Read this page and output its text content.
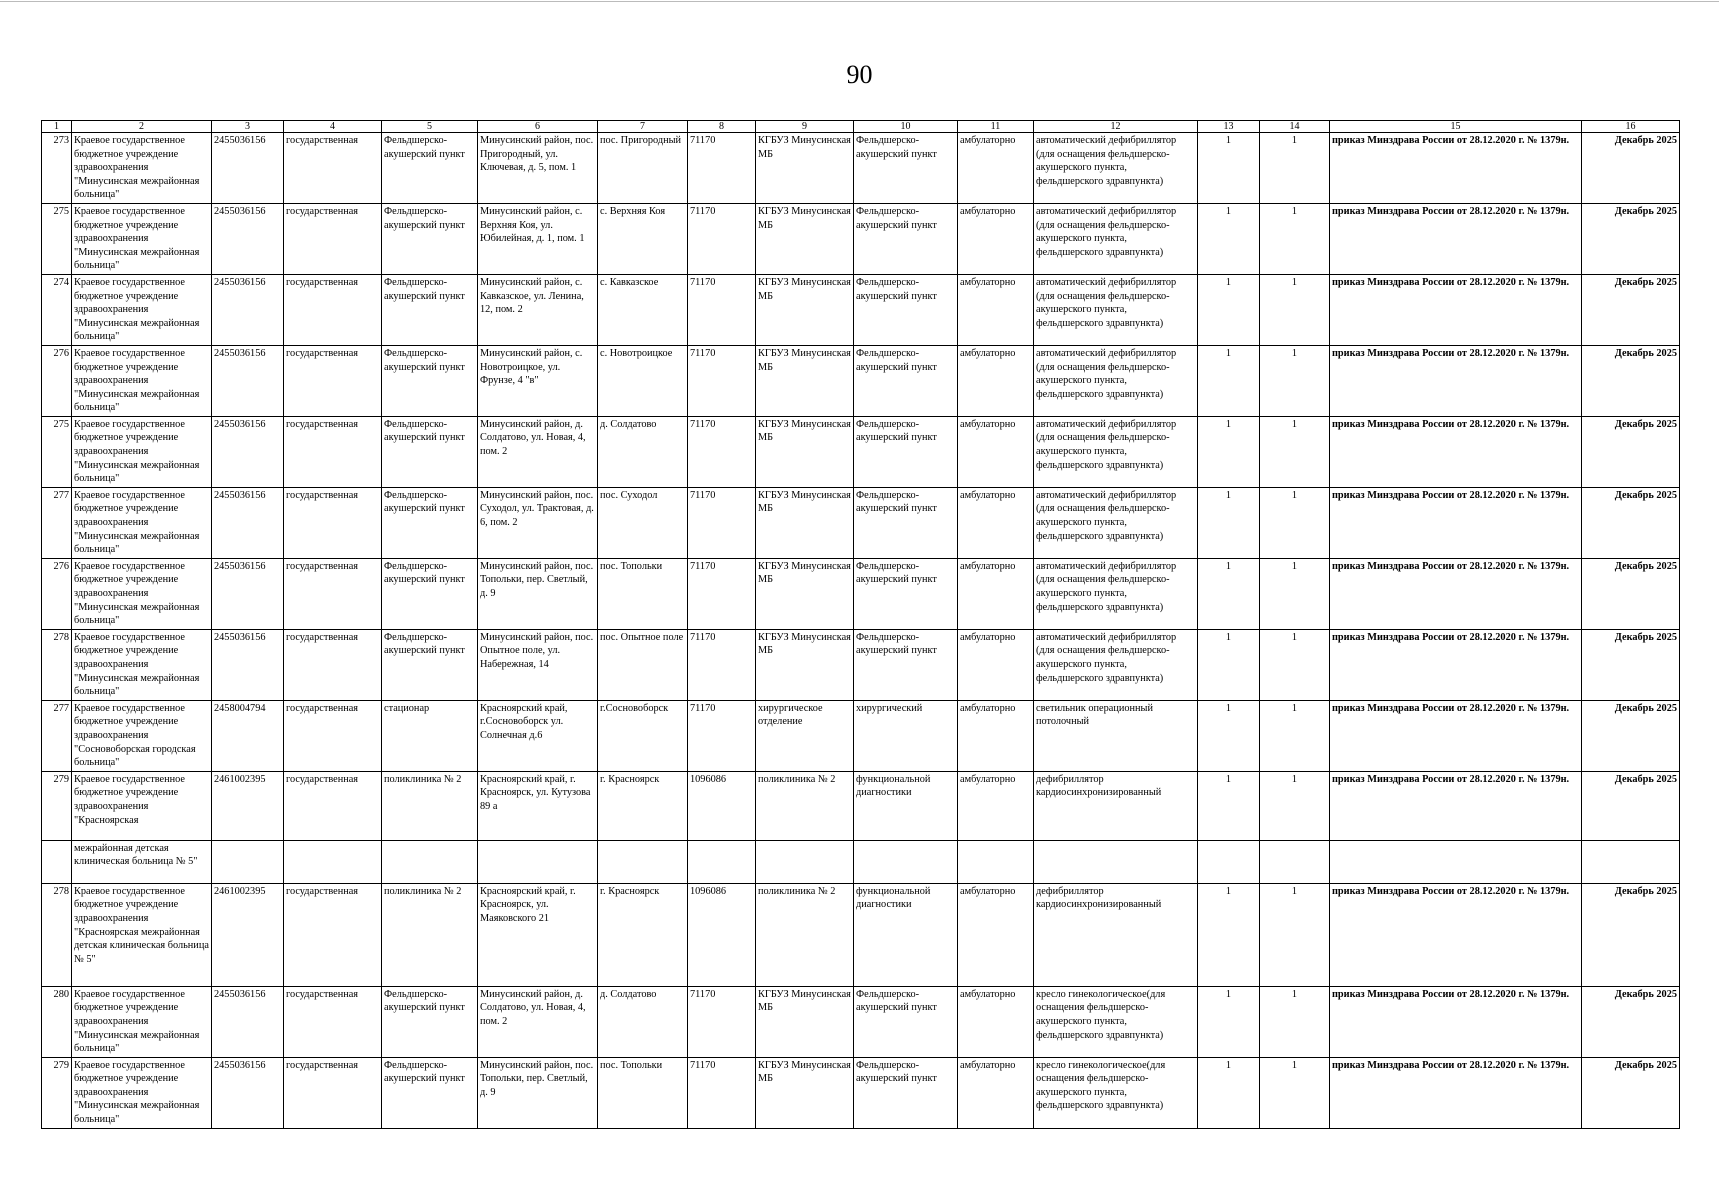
90
1	2	3	4	5	6	7	8	9	10	11	12	13	14	15	16
273	Краевое государственное бюджетное учреждение здравоохранения "Минусинская межрайонная больница"	2455036156	государственная	Фельдшерско-акушерский пункт	Минусинский район, пос. Пригородный, ул. Ключевая, д. 5, пом. 1	пос. Пригородный	71170	КГБУЗ Минусинская МБ	Фельдшерско-акушерский пункт	амбулаторно	автоматический дефибриллятор (для оснащения фельдшерско-акушерского пункта, фельдшерского здравпункта)	1	1	приказ Минздрава России от 28.12.2020 г. № 1379н.	Декабрь 2025
275	Краевое государственное бюджетное учреждение здравоохранения "Минусинская межрайонная больница"	2455036156	государственная	Фельдшерско-акушерский пункт	Минусинский район, с. Верхняя Коя, ул. Юбилейная, д. 1, пом. 1	с. Верхняя Коя	71170	КГБУЗ Минусинская МБ	Фельдшерско-акушерский пункт	амбулаторно	автоматический дефибриллятор (для оснащения фельдшерско-акушерского пункта, фельдшерского здравпункта)	1	1	приказ Минздрава России от 28.12.2020 г. № 1379н.	Декабрь 2025
274	Краевое государственное бюджетное учреждение здравоохранения "Минусинская межрайонная больница"	2455036156	государственная	Фельдшерско-акушерский пункт	Минусинский район, с. Кавказское, ул. Ленина, 12, пом. 2	с. Кавказское	71170	КГБУЗ Минусинская МБ	Фельдшерско-акушерский пункт	амбулаторно	автоматический дефибриллятор (для оснащения фельдшерско-акушерского пункта, фельдшерского здравпункта)	1	1	приказ Минздрава России от 28.12.2020 г. № 1379н.	Декабрь 2025
276	Краевое государственное бюджетное учреждение здравоохранения "Минусинская межрайонная больница"	2455036156	государственная	Фельдшерско-акушерский пункт	Минусинский район, с. Новотроицкое, ул. Фрунзе, 4 "в"	с. Новотроицкое	71170	КГБУЗ Минусинская МБ	Фельдшерско-акушерский пункт	амбулаторно	автоматический дефибриллятор (для оснащения фельдшерско-акушерского пункта, фельдшерского здравпункта)	1	1	приказ Минздрава России от 28.12.2020 г. № 1379н.	Декабрь 2025
275	Краевое государственное бюджетное учреждение здравоохранения "Минусинская межрайонная больница"	2455036156	государственная	Фельдшерско-акушерский пункт	Минусинский район, д. Солдатово, ул. Новая, 4, пом. 2	д. Солдатово	71170	КГБУЗ Минусинская МБ	Фельдшерско-акушерский пункт	амбулаторно	автоматический дефибриллятор (для оснащения фельдшерско-акушерского пункта, фельдшерского здравпункта)	1	1	приказ Минздрава России от 28.12.2020 г. № 1379н.	Декабрь 2025
277	Краевое государственное бюджетное учреждение здравоохранения "Минусинская межрайонная больница"	2455036156	государственная	Фельдшерско-акушерский пункт	Минусинский район, пос. Суходол, ул. Трактовая, д. 6, пом. 2	пос. Суходол	71170	КГБУЗ Минусинская МБ	Фельдшерско-акушерский пункт	амбулаторно	автоматический дефибриллятор (для оснащения фельдшерско-акушерского пункта, фельдшерского здравпункта)	1	1	приказ Минздрава России от 28.12.2020 г. № 1379н.	Декабрь 2025
276	Краевое государственное бюджетное учреждение здравоохранения "Минусинская межрайонная больница"	2455036156	государственная	Фельдшерско-акушерский пункт	Минусинский район, пос. Топольки, пер. Светлый, д. 9	пос. Топольки	71170	КГБУЗ Минусинская МБ	Фельдшерско-акушерский пункт	амбулаторно	автоматический дефибриллятор (для оснащения фельдшерско-акушерского пункта, фельдшерского здравпункта)	1	1	приказ Минздрава России от 28.12.2020 г. № 1379н.	Декабрь 2025
278	Краевое государственное бюджетное учреждение здравоохранения "Минусинская межрайонная больница"	2455036156	государственная	Фельдшерско-акушерский пункт	Минусинский район, пос. Опытное поле, ул. Набережная, 14	пос. Опытное поле	71170	КГБУЗ Минусинская МБ	Фельдшерско-акушерский пункт	амбулаторно	автоматический дефибриллятор (для оснащения фельдшерско-акушерского пункта, фельдшерского здравпункта)	1	1	приказ Минздрава России от 28.12.2020 г. № 1379н.	Декабрь 2025
277	Краевое государственное бюджетное учреждение здравоохранения "Сосновоборская городская больница"	2458004794	государственная	стационар	Красноярский край, г.Сосновоборск ул. Солнечная д.6	г.Сосновоборск	71170	хирургическое отделение	хирургический	амбулаторно	светильник операционный потолочный	1	1	приказ Минздрава России от 28.12.2020 г. № 1379н.	Декабрь 2025
279	Краевое государственное бюджетное учреждение здравоохранения "Красноярская	2461002395	государственная	поликлиника № 2	Красноярский край, г. Красноярск, ул. Кутузова 89 а	г. Красноярск	1096086	поликлиника № 2	функциональной диагностики	амбулаторно	дефибриллятор кардиосинхронизированный	1	1	приказ Минздрава России от 28.12.2020 г. № 1379н.	Декабрь 2025
	межрайонная детская клиническая больница № 5"														
278	Краевое государственное бюджетное учреждение здравоохранения "Красноярская межрайонная детская клиническая больница № 5"	2461002395	государственная	поликлиника № 2	Красноярский край, г. Красноярск, ул. Маяковского 21	г. Красноярск	1096086	поликлиника № 2	функциональной диагностики	амбулаторно	дефибриллятор кардиосинхронизированный	1	1	приказ Минздрава России от 28.12.2020 г. № 1379н.	Декабрь 2025
280	Краевое государственное бюджетное учреждение здравоохранения "Минусинская межрайонная больница"	2455036156	государственная	Фельдшерско-акушерский пункт	Минусинский район, д. Солдатово, ул. Новая, 4, пом. 2	д. Солдатово	71170	КГБУЗ Минусинская МБ	Фельдшерско-акушерский пункт	амбулаторно	кресло гинекологическое(для оснащения фельдшерско-акушерского пункта, фельдшерского здравпункта)	1	1	приказ Минздрава России от 28.12.2020 г. № 1379н.	Декабрь 2025
279	Краевое государственное бюджетное учреждение здравоохранения "Минусинская межрайонная больница"	2455036156	государственная	Фельдшерско-акушерский пункт	Минусинский район, пос. Топольки, пер. Светлый, д. 9	пос. Топольки	71170	КГБУЗ Минусинская МБ	Фельдшерско-акушерский пункт	амбулаторно	кресло гинекологическое(для оснащения фельдшерско-акушерского пункта, фельдшерского здравпункта)	1	1	приказ Минздрава России от 28.12.2020 г. № 1379н.	Декабрь 2025
